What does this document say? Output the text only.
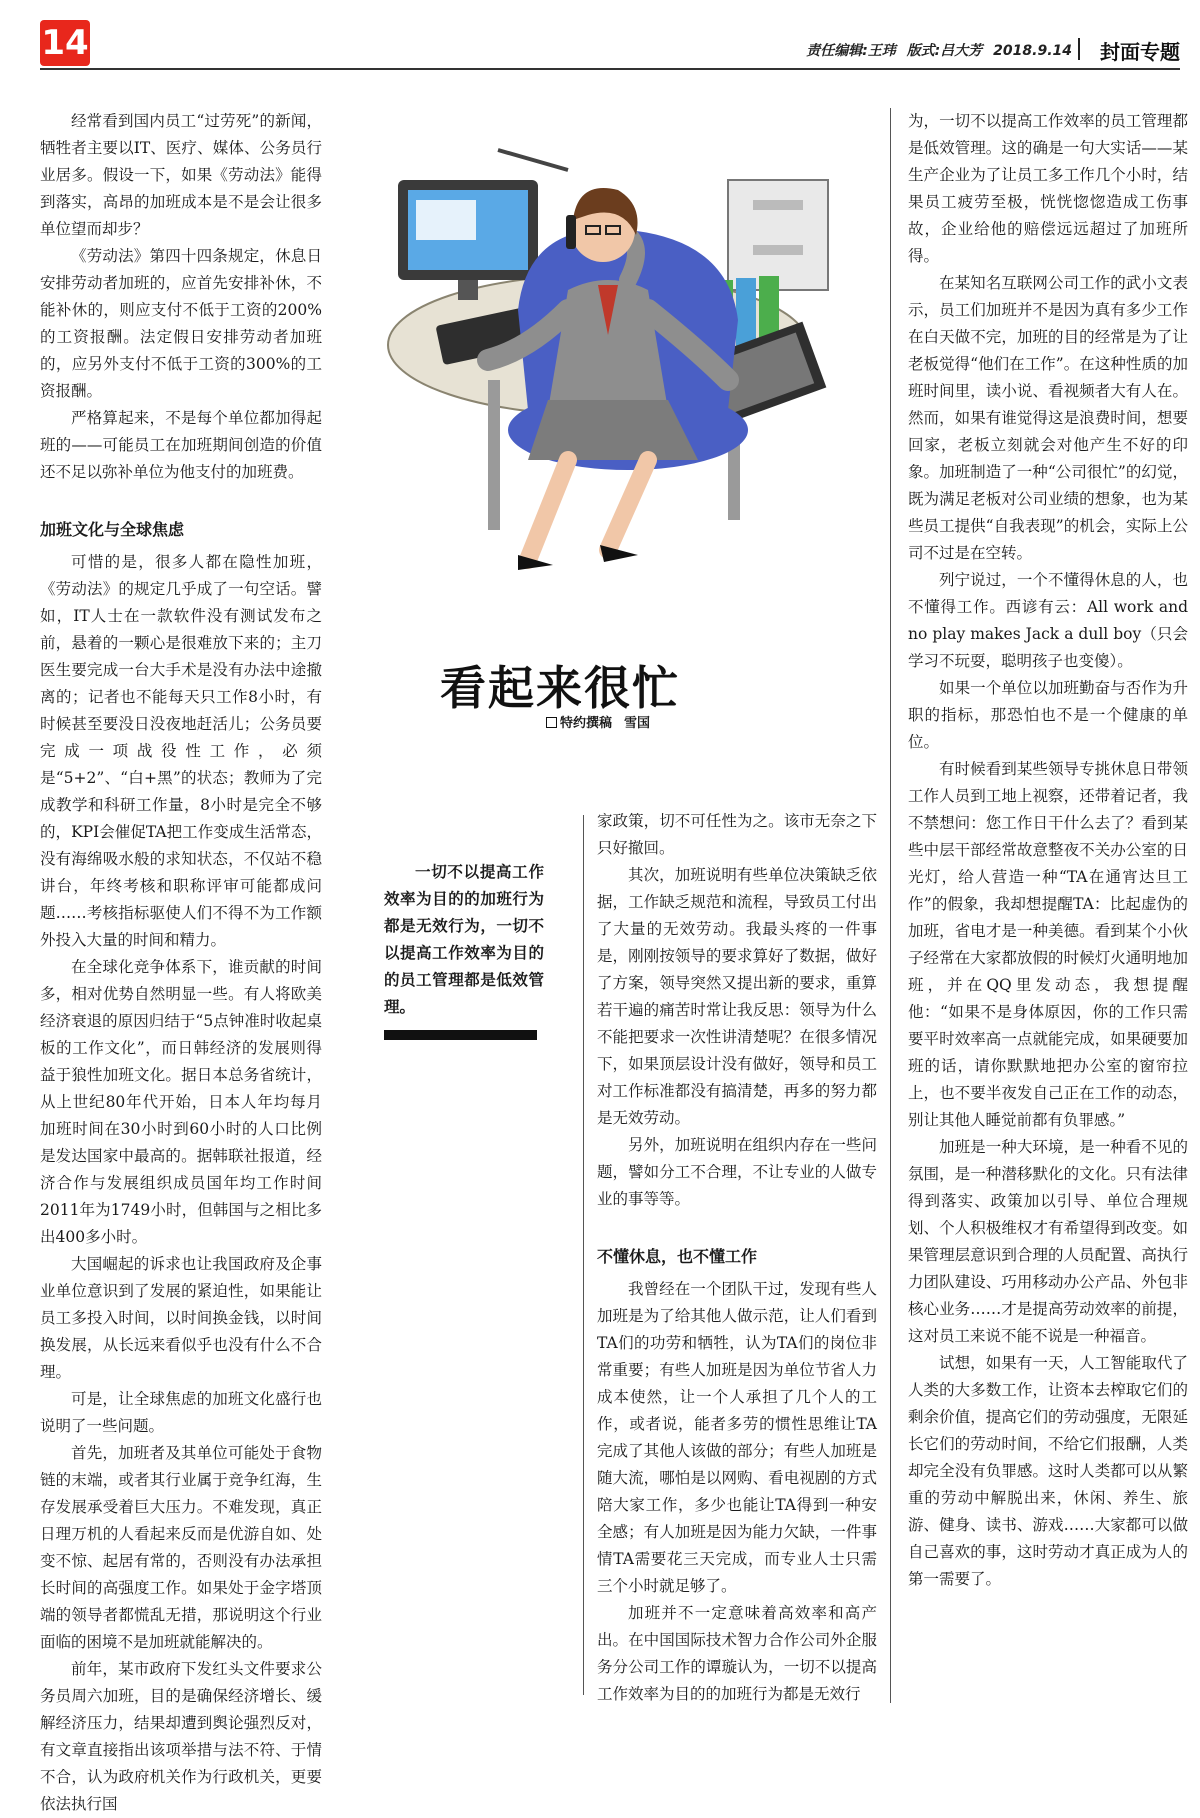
14	责任编辑:王玮 版式:吕大芳 2018.9.14 封面专题

经常看到国内员工“过劳死”的新闻，牺牲者主要以IT、医疗、媒体、公务员行业居多。假设一下，如果《劳动法》能得到落实，高昂的加班成本是不是会让很多单位望而却步？

《劳动法》第四十四条规定，休息日安排劳动者加班的，应首先安排补休，不能补休的，则应支付不低于工资的200%的工资报酬。法定假日安排劳动者加班的，应另外支付不低于工资的300%的工资报酬。

严格算起来，不是每个单位都加得起班的——可能员工在加班期间创造的价值还不足以弥补单位为他支付的加班费。

加班文化与全球焦虑

可惜的是，很多人都在隐性加班，《劳动法》的规定几乎成了一句空话。譬如，IT人士在一款软件没有测试发布之前，悬着的一颗心是很难放下来的；主刀医生要完成一台大手术是没有办法中途撤离的；记者也不能每天只工作8小时，有时候甚至要没日没夜地赶活儿；公务员要完成一项战役性工作，必须是“5+2”、“白+黑”的状态；教师为了完成教学和科研工作量，8小时是完全不够的，KPI会催促TA把工作变成生活常态，没有海绵吸水般的求知状态，不仅站不稳讲台，年终考核和职称评审可能都成问题……考核指标驱使人们不得不为工作额外投入大量的时间和精力。

在全球化竞争体系下，谁贡献的时间多，相对优势自然明显一些。有人将欧美经济衰退的原因归结于“5点钟准时收起桌板的工作文化”，而日韩经济的发展则得益于狼性加班文化。据日本总务省统计，从上世纪80年代开始，日本人年均每月加班时间在30小时到60小时的人口比例是发达国家中最高的。据韩联社报道，经济合作与发展组织成员国年均工作时间2011年为1749小时，但韩国与之相比多出400多小时。

大国崛起的诉求也让我国政府及企事业单位意识到了发展的紧迫性，如果能让员工多投入时间，以时间换金钱，以时间换发展，从长远来看似乎也没有什么不合理。

可是，让全球焦虑的加班文化盛行也说明了一些问题。

首先，加班者及其单位可能处于食物链的末端，或者其行业属于竞争红海，生存发展承受着巨大压力。不难发现，真正日理万机的人看起来反而是优游自如、处变不惊、起居有常的，否则没有办法承担长时间的高强度工作。如果处于金字塔顶端的领导者都慌乱无措，那说明这个行业面临的困境不是加班就能解决的。

前年，某市政府下发红头文件要求公务员周六加班，目的是确保经济增长、缓解经济压力，结果却遭到舆论强烈反对，有文章直接指出该项举措与法不符、于情不合，认为政府机关作为行政机关，更要依法执行国

看起来很忙
特约撰稿 雪国

一切不以提高工作效率为目的的加班行为都是无效行为，一切不以提高工作效率为目的的员工管理都是低效管理。

家政策，切不可任性为之。该市无奈之下只好撤回。

其次，加班说明有些单位决策缺乏依据，工作缺乏规范和流程，导致员工付出了大量的无效劳动。我最头疼的一件事是，刚刚按领导的要求算好了数据，做好了方案，领导突然又提出新的要求，重算若干遍的痛苦时常让我反思：领导为什么不能把要求一次性讲清楚呢？在很多情况下，如果顶层设计没有做好，领导和员工对工作标准都没有搞清楚，再多的努力都是无效劳动。

另外，加班说明在组织内存在一些问题，譬如分工不合理，不让专业的人做专业的事等等。

不懂休息，也不懂工作

我曾经在一个团队干过，发现有些人加班是为了给其他人做示范，让人们看到TA们的功劳和牺牲，认为TA们的岗位非常重要；有些人加班是因为单位节省人力成本使然，让一个人承担了几个人的工作，或者说，能者多劳的惯性思维让TA完成了其他人该做的部分；有些人加班是随大流，哪怕是以网购、看电视剧的方式陪大家工作，多少也能让TA得到一种安全感；有人加班是因为能力欠缺，一件事情TA需要花三天完成，而专业人士只需三个小时就足够了。

加班并不一定意味着高效率和高产出。在中国国际技术智力合作公司外企服务分公司工作的谭璇认为，一切不以提高工作效率为目的的加班行为都是无效行

为，一切不以提高工作效率的员工管理都是低效管理。这的确是一句大实话——某生产企业为了让员工多工作几个小时，结果员工疲劳至极，恍恍惚惚造成工伤事故，企业给他的赔偿远远超过了加班所得。

在某知名互联网公司工作的武小文表示，员工们加班并不是因为真有多少工作在白天做不完，加班的目的经常是为了让老板觉得“他们在工作”。在这种性质的加班时间里，读小说、看视频者大有人在。然而，如果有谁觉得这是浪费时间，想要回家，老板立刻就会对他产生不好的印象。加班制造了一种“公司很忙”的幻觉，既为满足老板对公司业绩的想象，也为某些员工提供“自我表现”的机会，实际上公司不过是在空转。

列宁说过，一个不懂得休息的人，也不懂得工作。西谚有云：All work and no play makes Jack a dull boy（只会学习不玩耍，聪明孩子也变傻）。

如果一个单位以加班勤奋与否作为升职的指标，那恐怕也不是一个健康的单位。

有时候看到某些领导专挑休息日带领工作人员到工地上视察，还带着记者，我不禁想问：您工作日干什么去了？看到某些中层干部经常故意整夜不关办公室的日光灯，给人营造一种“TA在通宵达旦工作”的假象，我却想提醒TA：比起虚伪的加班，省电才是一种美德。看到某个小伙子经常在大家都放假的时候灯火通明地加班，并在QQ里发动态，我想提醒他：“如果不是身体原因，你的工作只需要平时效率高一点就能完成，如果硬要加班的话，请你默默地把办公室的窗帘拉上，也不要半夜发自己正在工作的动态，别让其他人睡觉前都有负罪感。”

加班是一种大环境，是一种看不见的氛围，是一种潜移默化的文化。只有法律得到落实、政策加以引导、单位合理规划、个人积极维权才有希望得到改变。如果管理层意识到合理的人员配置、高执行力团队建设、巧用移动办公产品、外包非核心业务……才是提高劳动效率的前提，这对员工来说不能不说是一种福音。

试想，如果有一天，人工智能取代了人类的大多数工作，让资本去榨取它们的剩余价值，提高它们的劳动强度，无限延长它们的劳动时间，不给它们报酬，人类却完全没有负罪感。这时人类都可以从繁重的劳动中解脱出来，休闲、养生、旅游、健身、读书、游戏……大家都可以做自己喜欢的事，这时劳动才真正成为人的第一需要了。
